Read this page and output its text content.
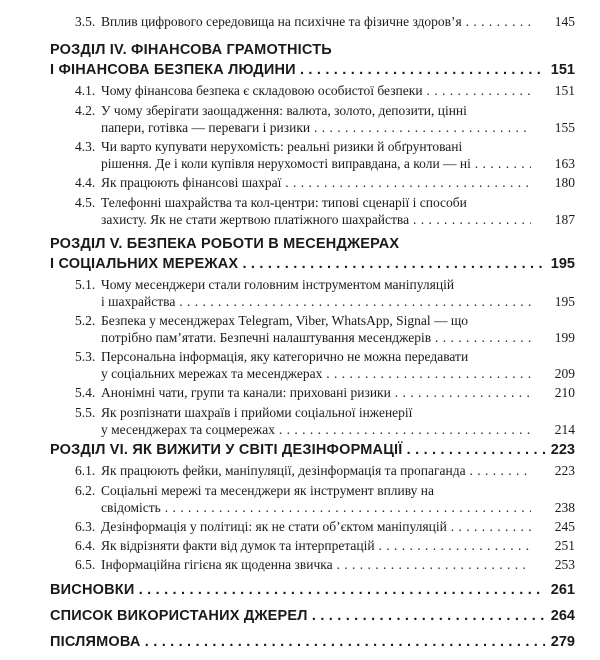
3.5. Вплив цифрового середовища на психічне та фізичне здоров’я . . .	145
РОЗДІЛ IV. ФІНАНСОВА ГРАМОТНІСТЬ
І ФІНАНСОВА БЕЗПЕКА ЛЮДИНИ . . .	151
4.1. Чому фінансова безпека є складовою особистої безпеки . . .	151
4.2. У чому зберігати заощадження: валюта, золото, депозити, цінні
папери, готівка — переваги і ризики . . .	155
4.3. Чи варто купувати нерухомість: реальні ризики й обґрунтовані
рішення. Де і коли купівля нерухомості виправдана, а коли — ні . . .	163
4.4. Як працюють фінансові шахраї . . .	180
4.5. Телефонні шахрайства та кол-центри: типові сценарії і способи
захисту. Як не стати жертвою платіжного шахрайства . . .	187
РОЗДІЛ V. БЕЗПЕКА РОБОТИ В МЕСЕНДЖЕРАХ
І СОЦІАЛЬНИХ МЕРЕЖАХ . . .	195
5.1. Чому месенджери стали головним інструментом маніпуляцій
і шахрайства . . .	195
5.2. Безпека у месенджерах Telegram, Viber, WhatsApp, Signal — що
потрібно пам’ятати. Безпечні налаштування месенджерів . . .	199
5.3. Персональна інформація, яку категорично не можна передавати
у соціальних мережах та месенджерах . . .	209
5.4. Анонімні чати, групи та канали: приховані ризики . . .	210
5.5. Як розпізнати шахраїв і прийоми соціальної інженерії
у месенджерах та соцмережах . . .	214
РОЗДІЛ VI. ЯК ВИЖИТИ У СВІТІ ДЕЗІНФОРМАЦІЇ . . .	223
6.1. Як працюють фейки, маніпуляції, дезінформація та пропаганда . . .	223
6.2. Соціальні мережі та месенджери як інструмент впливу на
свідомість . . .	238
6.3. Дезінформація у політиці: як не стати об’єктом маніпуляцій . . .	245
6.4. Як відрізняти факти від думок та інтерпретацій . . .	251
6.5. Інформаційна гігієна як щоденна звичка . . .	253
ВИСНОВКИ . . .	261
СПИСОК ВИКОРИСТАНИХ ДЖЕРЕЛ . . .	264
ПІСЛЯМОВА . . .	279
